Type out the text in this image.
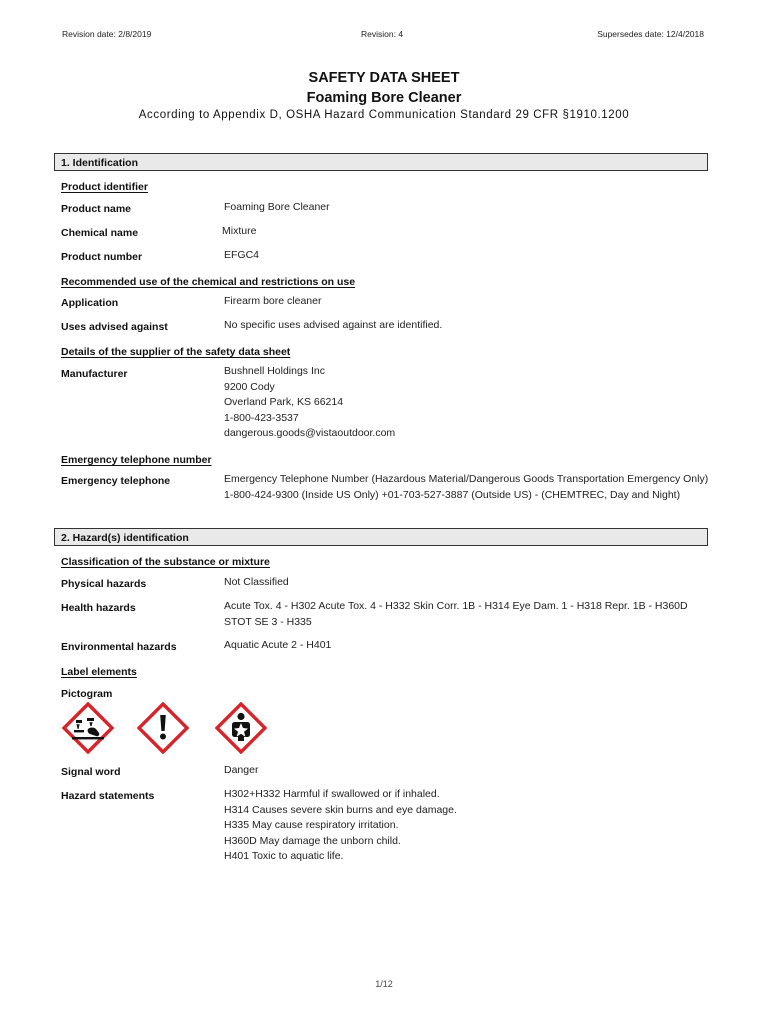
Revision date: 2/8/2019	Revision: 4	Supersedes date: 12/4/2018
SAFETY DATA SHEET
Foaming Bore Cleaner
According to Appendix D, OSHA Hazard Communication Standard 29 CFR §1910.1200
1. Identification
Product identifier
Product name	Foaming Bore Cleaner
Chemical name	Mixture
Product number	EFGC4
Recommended use of the chemical and restrictions on use
Application	Firearm bore cleaner
Uses advised against	No specific uses advised against are identified.
Details of the supplier of the safety data sheet
Manufacturer	Bushnell Holdings Inc
9200 Cody
Overland Park, KS 66214
1-800-423-3537
dangerous.goods@vistaoutdoor.com
Emergency telephone number
Emergency telephone	Emergency Telephone Number (Hazardous Material/Dangerous Goods Transportation Emergency Only) 1-800-424-9300 (Inside US Only) +01-703-527-3887 (Outside US) - (CHEMTREC, Day and Night)
2. Hazard(s) identification
Classification of the substance or mixture
Physical hazards	Not Classified
Health hazards	Acute Tox. 4 - H302 Acute Tox. 4 - H332 Skin Corr. 1B - H314 Eye Dam. 1 - H318 Repr. 1B - H360D STOT SE 3 - H335
Environmental hazards	Aquatic Acute 2 - H401
Label elements
Pictogram
Signal word	Danger
Hazard statements	H302+H332 Harmful if swallowed or if inhaled.
H314 Causes severe skin burns and eye damage.
H335 May cause respiratory irritation.
H360D May damage the unborn child.
H401 Toxic to aquatic life.
1/12
